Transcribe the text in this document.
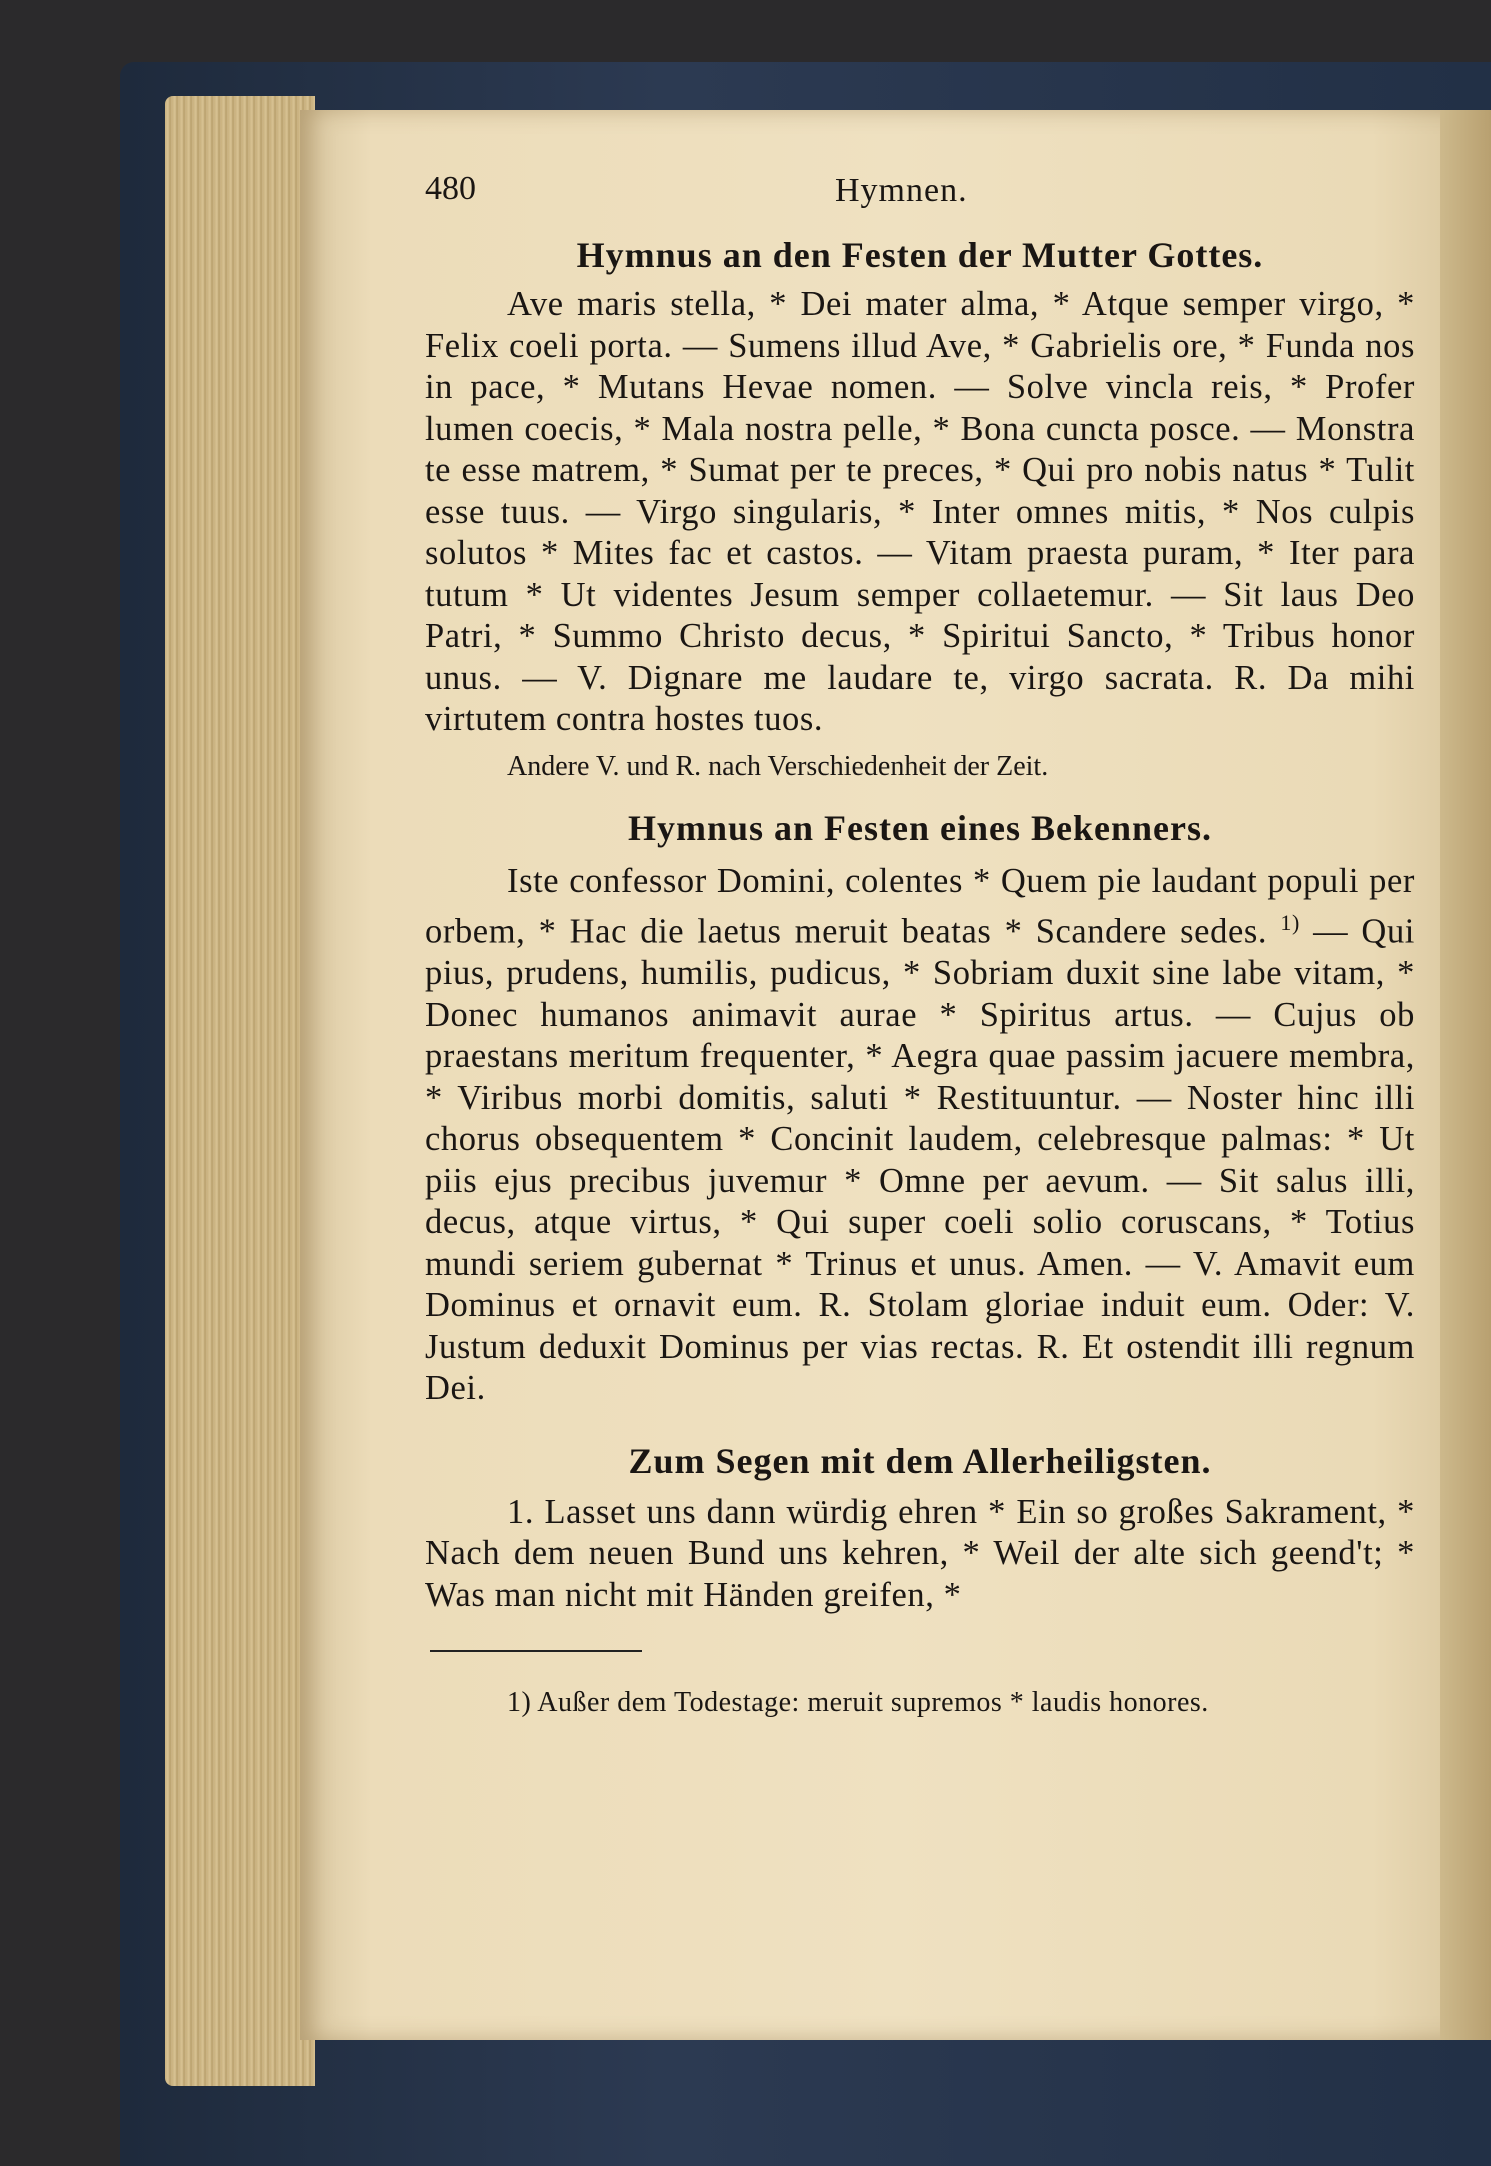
480	Hymnen.
Hymnus an den Festen der Mutter Gottes.

Ave maris stella, * Dei mater alma, * Atque semper virgo, * Felix coeli porta. — Sumens illud Ave, * Gabrielis ore, * Funda nos in pace, * Mutans Hevae nomen. — Solve vincla reis, * Profer lumen coecis, * Mala nostra pelle, * Bona cuncta posce. — Monstra te esse matrem, * Sumat per te preces, * Qui pro nobis natus * Tulit esse tuus. — Virgo singularis, * Inter omnes mitis, * Nos culpis solutos * Mites fac et castos. — Vitam praesta puram, * Iter para tutum * Ut videntes Jesum semper collaetemur. — Sit laus Deo Patri, * Summo Christo decus, * Spiritui Sancto, * Tribus honor unus. — V. Dignare me laudare te, virgo sacrata. R. Da mihi virtutem contra hostes tuos.

Andere V. und R. nach Verschiedenheit der Zeit.

Hymnus an Festen eines Bekenners.

Iste confessor Domini, colentes * Quem pie laudant populi per orbem, * Hac die laetus meruit beatas * Scandere sedes. $^{1)}$ — Qui pius, prudens, humilis, pudicus, * Sobriam duxit sine labe vitam, * Donec humanos animavit aurae * Spiritus artus. — Cujus ob praestans meritum frequenter, * Aegra quae passim jacuere membra, * Viribus morbi domitis, saluti * Restituuntur. — Noster hinc illi chorus obsequentem * Concinit laudem, celebresque palmas: * Ut piis ejus precibus juvemur * Omne per aevum. — Sit salus illi, decus, atque virtus, * Qui super coeli solio coruscans, * Totius mundi seriem gubernat * Trinus et unus. Amen. — V. Amavit eum Dominus et ornavit eum. R. Stolam gloriae induit eum. Oder: V. Justum deduxit Dominus per vias rectas. R. Et ostendit illi regnum Dei.

Zum Segen mit dem Allerheiligsten.

1. Lasset uns dann würdig ehren * Ein so großes Sakrament, * Nach dem neuen Bund uns kehren, * Weil der alte sich geend't; * Was man nicht mit Händen greifen, *

1) Außer dem Todestage: meruit supremos * laudis honores.
